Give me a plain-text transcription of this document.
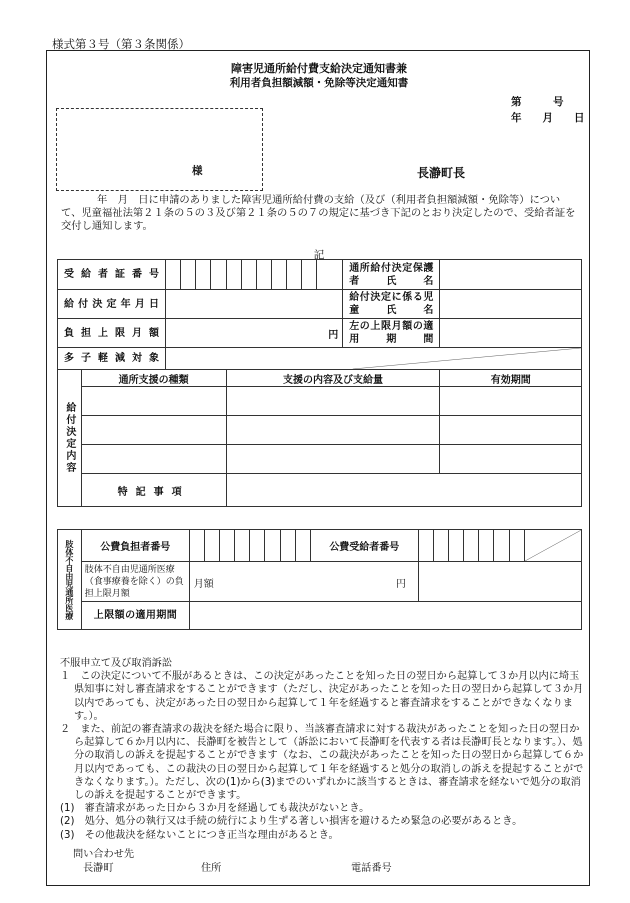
様式第３号（第３条関係）
障害児通所給付費支給決定通知書兼
利用者負担額減額・免除等決定通知書
第　　　号
年　　月　　日
様	長瀞町長
年　月　日に申請のありました障害児通所給付費の支給（及び（利用者負担額減額・免除等）について、児童福祉法第２１条の５の３及び第２１条の５の７の規定に基づき下記のとおり決定したので、受給者証を交付し通知します。
記
受給者証番号													通所給付決定保護者氏名	
給付決定年月日													給付決定に係る児童氏名	
負担上限月額		円											左の上限月額の適用期間	
多子軽減対象	

給付決定内容	通所支援の種類					支援の内容及び支給量								有効期間

	特記事項													
肢体不自由児通所医療	公費負担者番号									公費受給者番号								

	肢体不自由児通所医療（食事療養を除く）の負担上限月額	月額 円																

	上限額の適用期間																	

不服申立て及び取消訴訟

１　この決定について不服があるときは、この決定があったことを知った日の翌日から起算して３か月以内に埼玉県知事に対し審査請求をすることができます（ただし、決定があったことを知った日の翌日から起算して３か月以内であっても、決定があった日の翌日から起算して１年を経過すると審査請求をすることができなくなります。）。

２　また、前記の審査請求の裁決を経た場合に限り、当該審査請求に対する裁決があったことを知った日の翌日から起算して６か月以内に、長瀞町を被告として（訴訟において長瀞町を代表する者は長瀞町長となります。）、処分の取消しの訴えを提起することができます（なお、この裁決があったことを知った日の翌日から起算して６か月以内であっても、この裁決の日の翌日から起算して１年を経過すると処分の取消しの訴えを提起することができなくなります。）。ただし、次の(1)から(3)までのいずれかに該当するときは、審査請求を経ないで処分の取消しの訴えを提起することができます。

(1)　審査請求があった日から３か月を経過しても裁決がないとき。

(2)　処分、処分の執行又は手続の続行により生ずる著しい損害を避けるため緊急の必要があるとき。

(3)　その他裁決を経ないことにつき正当な理由があるとき。

問い合わせ先
長瀞町	住所	電話番号
